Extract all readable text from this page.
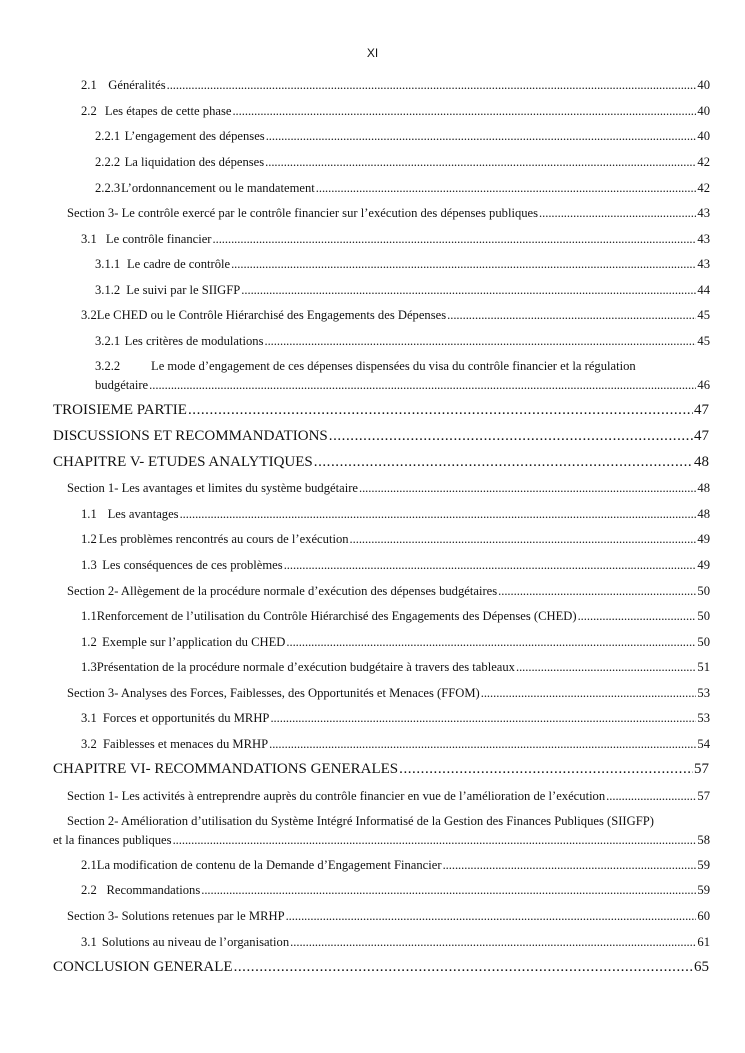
XI
2.1 Généralités . . .	40
2.2 Les étapes de cette phase . . .	40
2.2.1 L’engagement des dépenses . . .	40
2.2.2 La liquidation des dépenses . . .	42
2.2.3 L’ordonnancement ou le mandatement . . .	42
Section 3- Le contrôle exercé par le contrôle financier sur l’exécution des dépenses publiques . . .	43
3.1 Le contrôle financier . . .	43
3.1.1 Le cadre de contrôle . . .	43
3.1.2 Le suivi par le SIIGFP . . .	44
3.2 Le CHED ou le Contrôle Hiérarchisé des Engagements des Dépenses . . .	45
3.2.1 Les critères de modulations . . .	45
3.2.2	Le mode d’engagement de ces dépenses dispensées du visa du contrôle financier et la régulation
budgétaire . . .	46
TROISIEME PARTIE . . .	47
DISCUSSIONS ET RECOMMANDATIONS . . .	47
CHAPITRE V- ETUDES ANALYTIQUES . . .	48
Section 1- Les avantages et limites du système budgétaire . . .	48
1.1 Les avantages . . .	48
1.2 Les problèmes rencontrés au cours de l’exécution . . .	49
1.3 Les conséquences de ces problèmes . . .	49
Section 2- Allègement de la procédure normale d’exécution des dépenses budgétaires . . .	50
1.1 Renforcement de l’utilisation du Contrôle Hiérarchisé des Engagements des Dépenses (CHED) . . .	50
1.2 Exemple sur l’application du CHED . . .	50
1.3 Présentation de la procédure normale d’exécution budgétaire à travers des tableaux . . .	51
Section 3- Analyses des Forces, Faiblesses, des Opportunités et Menaces (FFOM) . . .	53
3.1 Forces et opportunités du MRHP . . .	53
3.2 Faiblesses et menaces du MRHP . . .	54
CHAPITRE VI- RECOMMANDATIONS GENERALES . . .	57
Section 1- Les activités à entreprendre auprès du contrôle financier en vue de l’amélioration de l’exécution . . .	57
Section 2- Amélioration d’utilisation du Système Intégré Informatisé de la Gestion des Finances Publiques (SIIGFP)
et la finances publiques . . .	58
2.1 La modification de contenu de la Demande d’Engagement Financier . . .	59
2.2 Recommandations . . .	59
Section 3- Solutions retenues par le MRHP . . .	60
3.1 Solutions au niveau de l’organisation . . .	61
CONCLUSION GENERALE . . .	65
